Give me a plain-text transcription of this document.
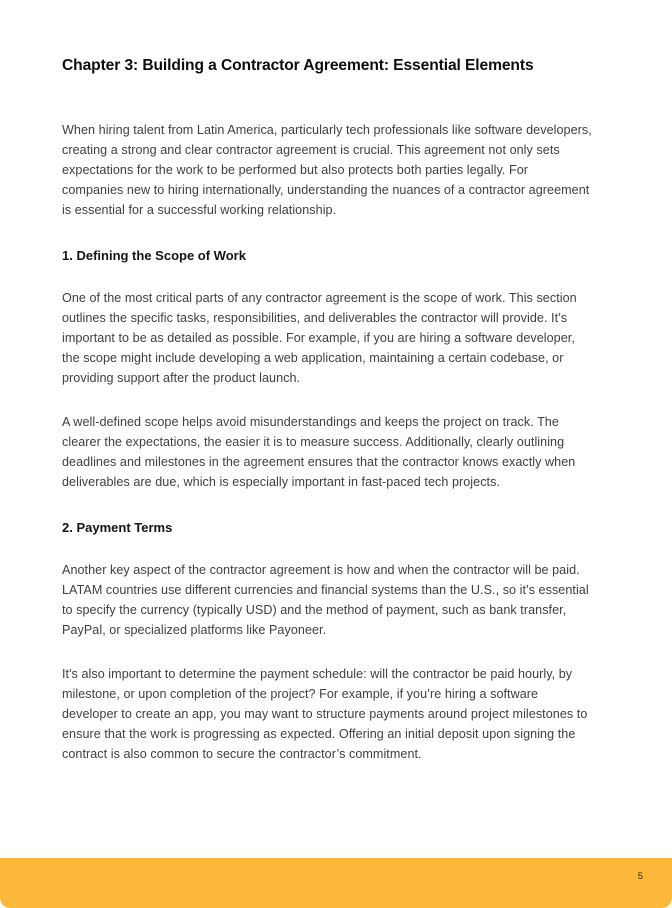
Chapter 3: Building a Contractor Agreement: Essential Elements

When hiring talent from Latin America, particularly tech professionals like software developers, creating a strong and clear contractor agreement is crucial. This agreement not only sets expectations for the work to be performed but also protects both parties legally. For companies new to hiring internationally, understanding the nuances of a contractor agreement is essential for a successful working relationship.

1. Defining the Scope of Work

One of the most critical parts of any contractor agreement is the scope of work. This section outlines the specific tasks, responsibilities, and deliverables the contractor will provide. It’s important to be as detailed as possible. For example, if you are hiring a software developer, the scope might include developing a web application, maintaining a certain codebase, or providing support after the product launch.

A well-defined scope helps avoid misunderstandings and keeps the project on track. The clearer the expectations, the easier it is to measure success. Additionally, clearly outlining deadlines and milestones in the agreement ensures that the contractor knows exactly when deliverables are due, which is especially important in fast-paced tech projects.

2. Payment Terms

Another key aspect of the contractor agreement is how and when the contractor will be paid. LATAM countries use different currencies and financial systems than the U.S., so it’s essential to specify the currency (typically USD) and the method of payment, such as bank transfer, PayPal, or specialized platforms like Payoneer.

It's also important to determine the payment schedule: will the contractor be paid hourly, by milestone, or upon completion of the project? For example, if you’re hiring a software developer to create an app, you may want to structure payments around project milestones to ensure that the work is progressing as expected. Offering an initial deposit upon signing the contract is also common to secure the contractor’s commitment.

5
